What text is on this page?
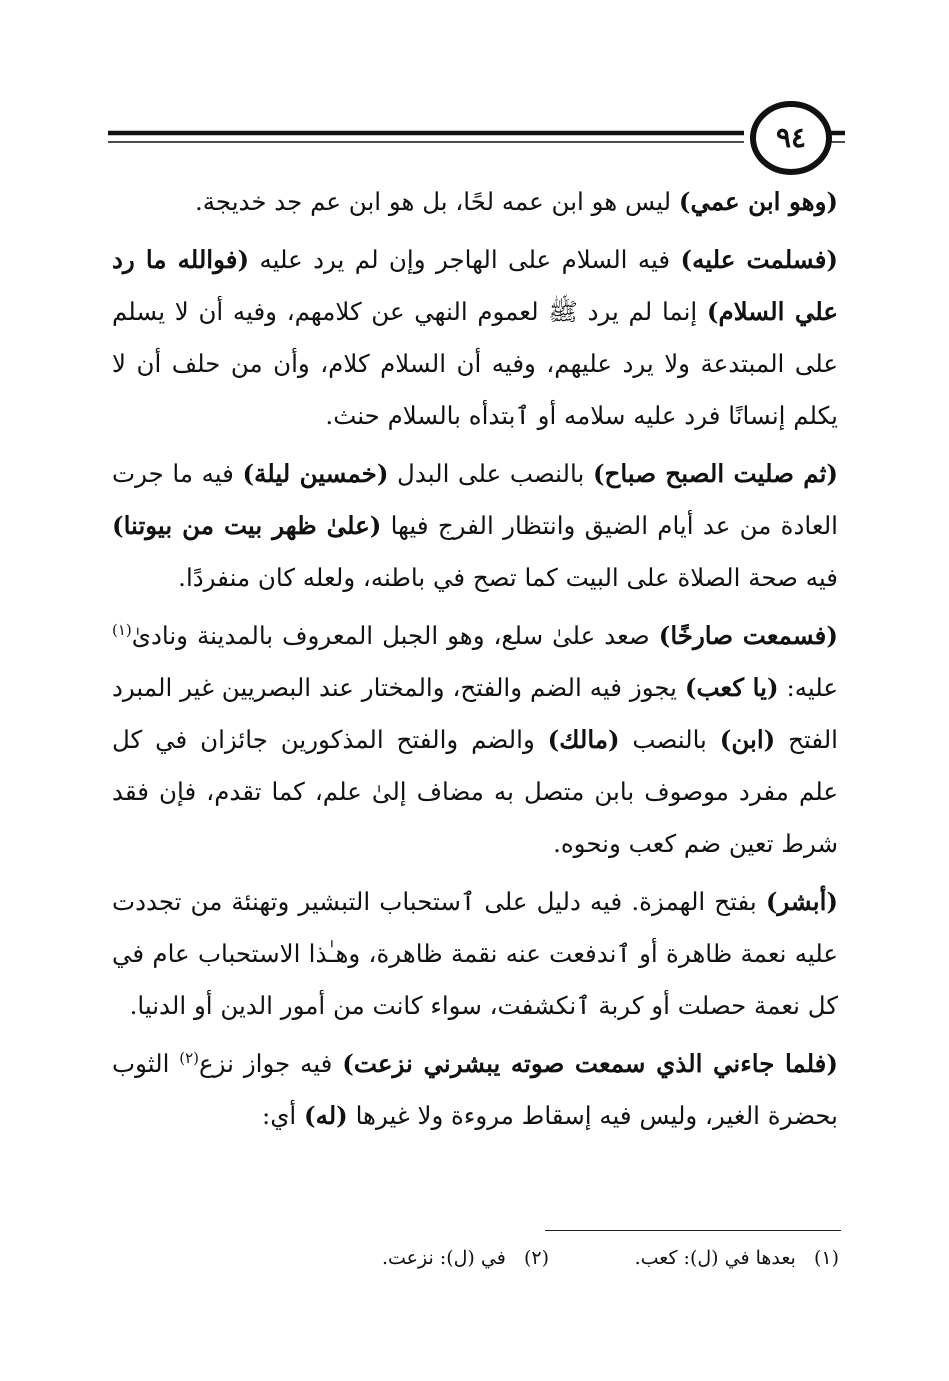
٩٤

(وهو ابن عمي) ليس هو ابن عمه لحًا، بل هو ابن عم جد خديجة.

(فسلمت عليه) فيه السلام على الهاجر وإن لم يرد عليه (فوالله ما رد علي السلام) إنما لم يرد ﷺ لعموم النهي عن كلامهم، وفيه أن لا يسلم على المبتدعة ولا يرد عليهم، وفيه أن السلام كلام، وأن من حلف أن لا يكلم إنسانًا فرد عليه سلامه أو ٱبتدأه بالسلام حنث.

(ثم صليت الصبح صباح) بالنصب على البدل (خمسين ليلة) فيه ما جرت العادة من عد أيام الضيق وانتظار الفرج فيها (علىٰ ظهر بيت من بيوتنا) فيه صحة الصلاة على البيت كما تصح في باطنه، ولعله كان منفردًا.

(فسمعت صارخًا) صعد علىٰ سلع، وهو الجبل المعروف بالمدينة ونادىٰ$^{(١)}$ عليه: (يا كعب) يجوز فيه الضم والفتح، والمختار عند البصريين غير المبرد الفتح (ابن) بالنصب (مالك) والضم والفتح المذكورين جائزان في كل علم مفرد موصوف بابن متصل به مضاف إلىٰ علم، كما تقدم، فإن فقد شرط تعين ضم كعب ونحوه.

(أبشر) بفتح الهمزة. فيه دليل على ٱستحباب التبشير وتهنئة من تجددت عليه نعمة ظاهرة أو ٱندفعت عنه نقمة ظاهرة، وهـٰذا الاستحباب عام في كل نعمة حصلت أو كربة ٱنكشفت، سواء كانت من أمور الدين أو الدنيا.

(فلما جاءني الذي سمعت صوته يبشرني نزعت) فيه جواز نزع$^{(٢)}$ الثوب بحضرة الغير، وليس فيه إسقاط مروءة ولا غيرها (له) أي:

(١)   بعدها في (ل): كعب.
(٢)   في (ل): نزعت.
